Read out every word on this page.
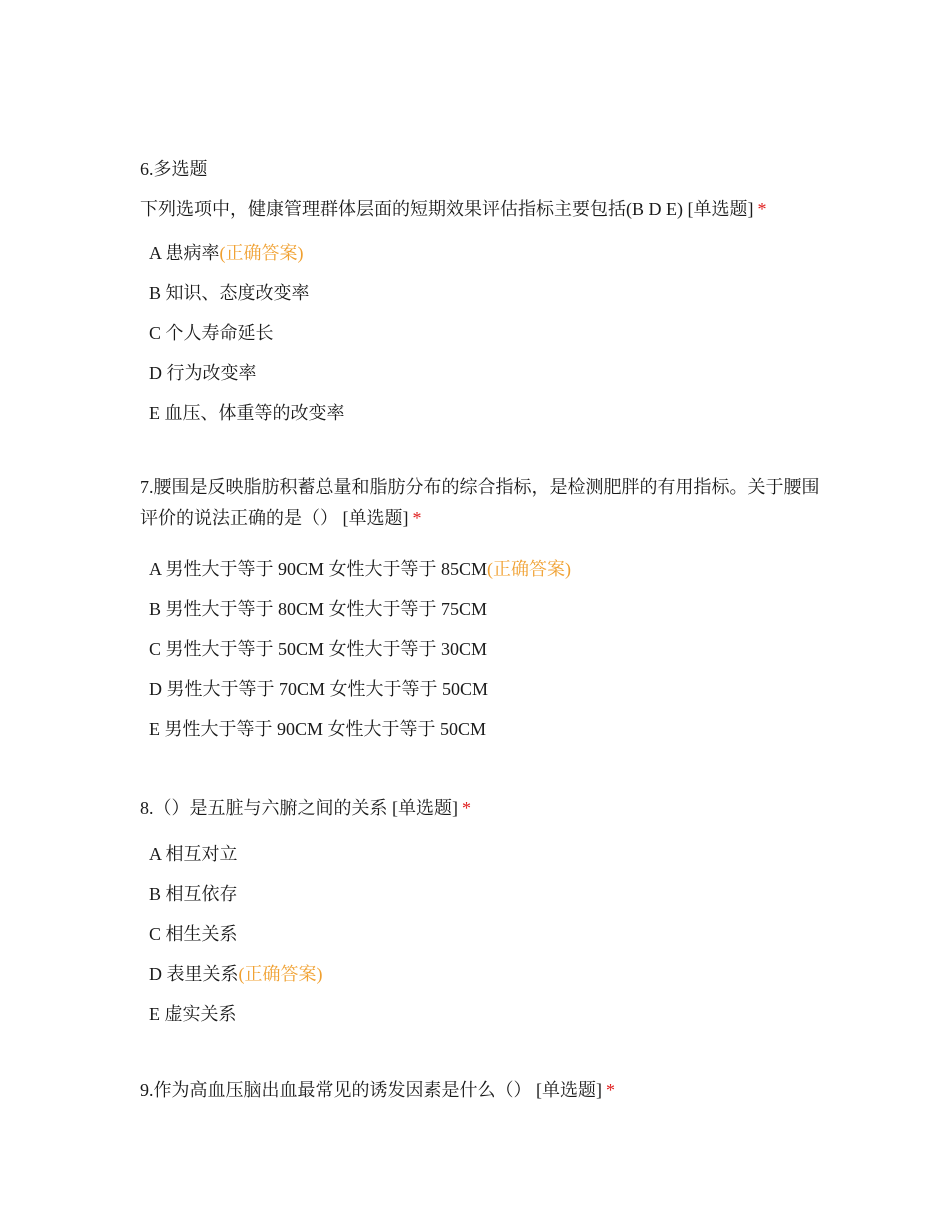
6.多选题
下列选项中，健康管理群体层面的短期效果评估指标主要包括(B D E) [单选题] *
A 患病率(正确答案)
B 知识、态度改变率
C 个人寿命延长
D 行为改变率
E 血压、体重等的改变率
7.腰围是反映脂肪积蓄总量和脂肪分布的综合指标，是检测肥胖的有用指标。关于腰围评价的说法正确的是（） [单选题] *
A 男性大于等于 90CM 女性大于等于 85CM(正确答案)
B 男性大于等于 80CM 女性大于等于 75CM
C 男性大于等于 50CM 女性大于等于 30CM
D 男性大于等于 70CM 女性大于等于 50CM
E 男性大于等于 90CM 女性大于等于 50CM
8.（）是五脏与六腑之间的关系 [单选题] *
A 相互对立
B 相互依存
C 相生关系
D 表里关系(正确答案)
E 虚实关系
9.作为高血压脑出血最常见的诱发因素是什么（） [单选题] *
